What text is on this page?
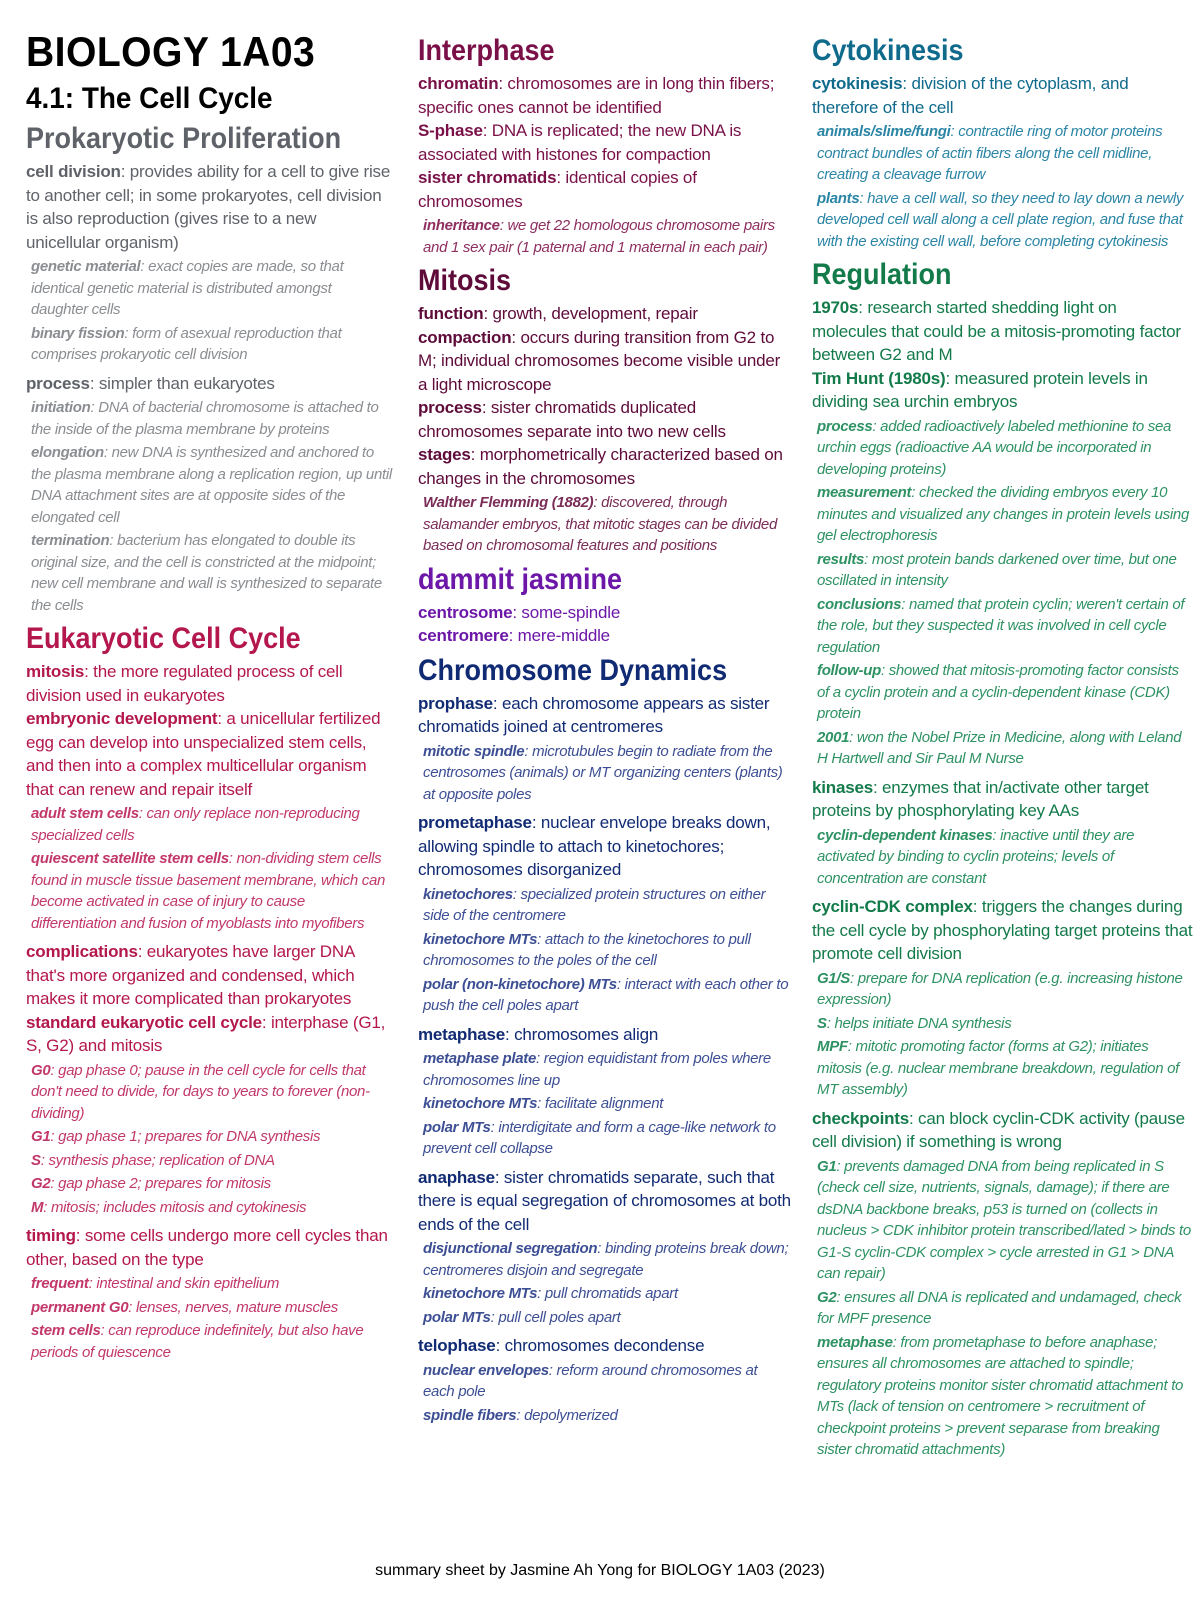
BIOLOGY 1A03
4.1: The Cell Cycle
Prokaryotic Proliferation

cell division: provides ability for a cell to give rise to another cell; in some prokaryotes, cell division is also reproduction (gives rise to a new unicellular organism)

genetic material: exact copies are made, so that identical genetic material is distributed amongst daughter cells

binary fission: form of asexual reproduction that comprises prokaryotic cell division

process: simpler than eukaryotes

initiation: DNA of bacterial chromosome is attached to the inside of the plasma membrane by proteins

elongation: new DNA is synthesized and anchored to the plasma membrane along a replication region, up until DNA attachment sites are at opposite sides of the elongated cell

termination: bacterium has elongated to double its original size, and the cell is constricted at the midpoint; new cell membrane and wall is synthesized to separate the cells

Eukaryotic Cell Cycle

mitosis: the more regulated process of cell division used in eukaryotes

embryonic development: a unicellular fertilized egg can develop into unspecialized stem cells, and then into a complex multicellular organism that can renew and repair itself

adult stem cells: can only replace non-reproducing specialized cells

quiescent satellite stem cells: non-dividing stem cells found in muscle tissue basement membrane, which can become activated in case of injury to cause differentiation and fusion of myoblasts into myofibers

complications: eukaryotes have larger DNA that's more organized and condensed, which makes it more complicated than prokaryotes

standard eukaryotic cell cycle: interphase (G1, S, G2) and mitosis

G0: gap phase 0; pause in the cell cycle for cells that don't need to divide, for days to years to forever (non-dividing)

G1: gap phase 1; prepares for DNA synthesis

S: synthesis phase; replication of DNA

G2: gap phase 2; prepares for mitosis

M: mitosis; includes mitosis and cytokinesis

timing: some cells undergo more cell cycles than other, based on the type

frequent: intestinal and skin epithelium

permanent G0: lenses, nerves, mature muscles

stem cells: can reproduce indefinitely, but also have periods of quiescence

Interphase

chromatin: chromosomes are in long thin fibers; specific ones cannot be identified

S-phase: DNA is replicated; the new DNA is associated with histones for compaction

sister chromatids: identical copies of chromosomes

inheritance: we get 22 homologous chromosome pairs and 1 sex pair (1 paternal and 1 maternal in each pair)

Mitosis

function: growth, development, repair

compaction: occurs during transition from G2 to M; individual chromosomes become visible under a light microscope

process: sister chromatids duplicated chromosomes separate into two new cells

stages: morphometrically characterized based on changes in the chromosomes

Walther Flemming (1882): discovered, through salamander embryos, that mitotic stages can be divided based on chromosomal features and positions

dammit jasmine

centrosome: some-spindle

centromere: mere-middle

Chromosome Dynamics

prophase: each chromosome appears as sister chromatids joined at centromeres

mitotic spindle: microtubules begin to radiate from the centrosomes (animals) or MT organizing centers (plants) at opposite poles

prometaphase: nuclear envelope breaks down, allowing spindle to attach to kinetochores; chromosomes disorganized

kinetochores: specialized protein structures on either side of the centromere

kinetochore MTs: attach to the kinetochores to pull chromosomes to the poles of the cell

polar (non-kinetochore) MTs: interact with each other to push the cell poles apart

metaphase: chromosomes align

metaphase plate: region equidistant from poles where chromosomes line up

kinetochore MTs: facilitate alignment

polar MTs: interdigitate and form a cage-like network to prevent cell collapse

anaphase: sister chromatids separate, such that there is equal segregation of chromosomes at both ends of the cell

disjunctional segregation: binding proteins break down; centromeres disjoin and segregate

kinetochore MTs: pull chromatids apart

polar MTs: pull cell poles apart

telophase: chromosomes decondense

nuclear envelopes: reform around chromosomes at each pole

spindle fibers: depolymerized

Cytokinesis

cytokinesis: division of the cytoplasm, and therefore of the cell

animals/slime/fungi: contractile ring of motor proteins contract bundles of actin fibers along the cell midline, creating a cleavage furrow

plants: have a cell wall, so they need to lay down a newly developed cell wall along a cell plate region, and fuse that with the existing cell wall, before completing cytokinesis

Regulation

1970s: research started shedding light on molecules that could be a mitosis-promoting factor between G2 and M

Tim Hunt (1980s): measured protein levels in dividing sea urchin embryos

process: added radioactively labeled methionine to sea urchin eggs (radioactive AA would be incorporated in developing proteins)

measurement: checked the dividing embryos every 10 minutes and visualized any changes in protein levels using gel electrophoresis

results: most protein bands darkened over time, but one oscillated in intensity

conclusions: named that protein cyclin; weren't certain of the role, but they suspected it was involved in cell cycle regulation

follow-up: showed that mitosis-promoting factor consists of a cyclin protein and a cyclin-dependent kinase (CDK) protein

2001: won the Nobel Prize in Medicine, along with Leland H Hartwell and Sir Paul M Nurse

kinases: enzymes that in/activate other target proteins by phosphorylating key AAs

cyclin-dependent kinases: inactive until they are activated by binding to cyclin proteins; levels of concentration are constant

cyclin-CDK complex: triggers the changes during the cell cycle by phosphorylating target proteins that promote cell division

G1/S: prepare for DNA replication (e.g. increasing histone expression)

S: helps initiate DNA synthesis

MPF: mitotic promoting factor (forms at G2); initiates mitosis (e.g. nuclear membrane breakdown, regulation of MT assembly)

checkpoints: can block cyclin-CDK activity (pause cell division) if something is wrong

G1: prevents damaged DNA from being replicated in S (check cell size, nutrients, signals, damage); if there are dsDNA backbone breaks, p53 is turned on (collects in nucleus > CDK inhibitor protein transcribed/lated > binds to G1-S cyclin-CDK complex > cycle arrested in G1 > DNA can repair)

G2: ensures all DNA is replicated and undamaged, check for MPF presence

metaphase: from prometaphase to before anaphase; ensures all chromosomes are attached to spindle; regulatory proteins monitor sister chromatid attachment to MTs (lack of tension on centromere > recruitment of checkpoint proteins > prevent separase from breaking sister chromatid attachments)

summary sheet by Jasmine Ah Yong for BIOLOGY 1A03 (2023)
